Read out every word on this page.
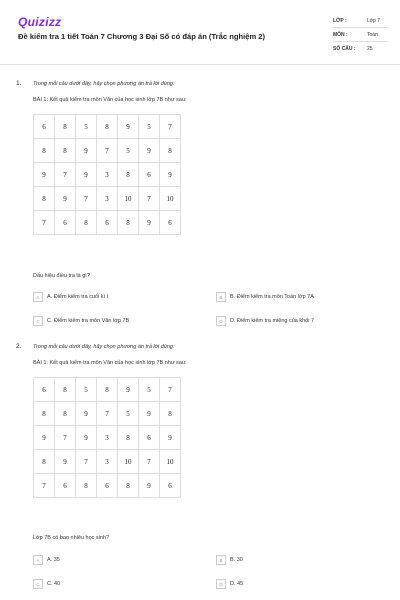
Quizizz
Đề kiểm tra 1 tiết Toán 7 Chương 3 Đại Số có đáp án (Trắc nghiệm 2)
LỚP :	Lớp 7
MÔN :	Toán
SỐ CÂU :	25
1. Trong mỗi câu dưới đây, hãy chọn phương án trả lời đúng:
BÀI 1: Kết quả kiểm tra môn Văn của học sinh lớp 7B như sau:
6	8	5	8	9	5	7
8	8	9	7	5	9	8
9	7	9	3	8	6	9
8	9	7	3	10	7	10
7	6	8	6	8	9	6
Dấu hiệu điều tra là gì?
A	A. Điểm kiểm tra cuối kì I	B	B. Điểm kiểm tra môn Toán lớp 7A
C	C. Điểm kiểm tra môn Văn lớp 7B	D	D. Điểm kiểm tra miệng của khối 7
2. Trong mỗi câu dưới đây, hãy chọn phương án trả lời đúng:
BÀI 1: Kết quả kiểm tra môn Văn của học sinh lớp 7B như sau:
6	8	5	8	9	5	7
8	8	9	7	5	9	8
9	7	9	3	8	6	9
8	9	7	3	10	7	10
7	6	8	6	8	9	6
Lớp 7B có bao nhiêu học sinh?
A	A. 35	B	B. 30
C	C. 40	D	D. 45
